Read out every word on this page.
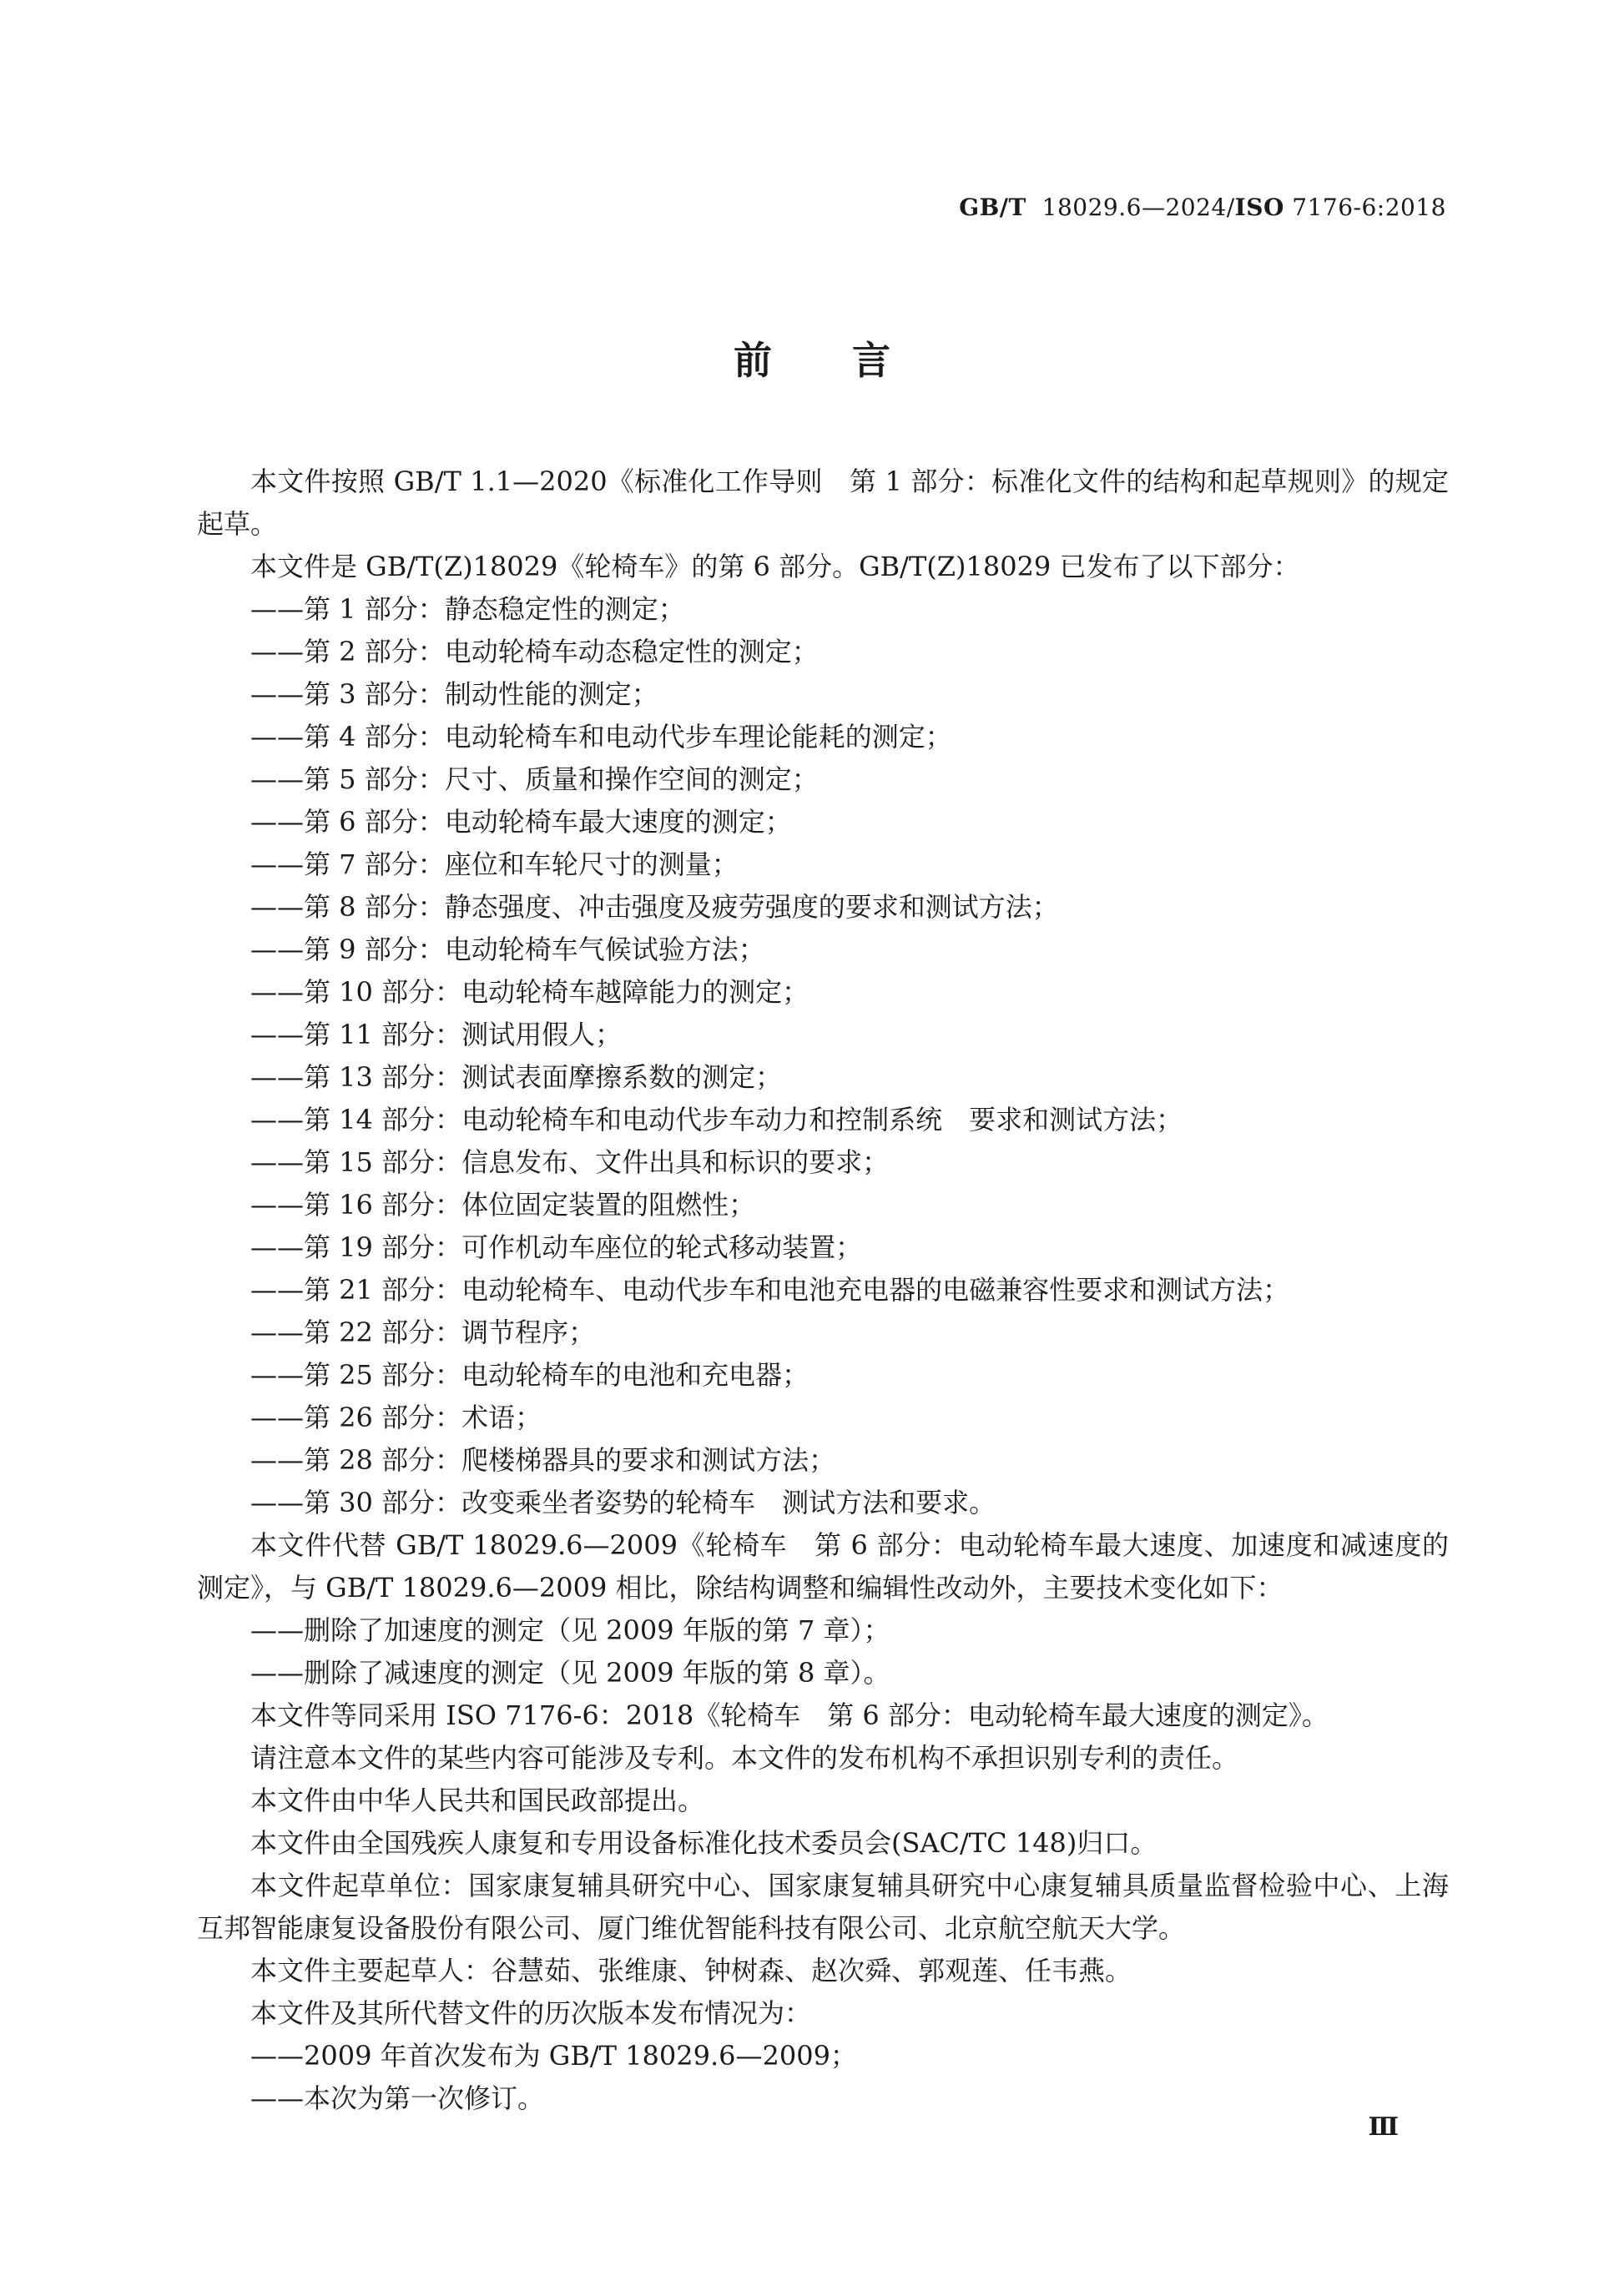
GB/T 18029.6—2024/ISO 7176-6:2018
前言

本文件按照 GB/T 1.1—2020《标准化工作导则　第 1 部分：标准化文件的结构和起草规则》的规定起草。

本文件是 GB/T(Z)18029《轮椅车》的第 6 部分。GB/T(Z)18029 已发布了以下部分：

——第 1 部分：静态稳定性的测定；

——第 2 部分：电动轮椅车动态稳定性的测定；

——第 3 部分：制动性能的测定；

——第 4 部分：电动轮椅车和电动代步车理论能耗的测定；

——第 5 部分：尺寸、质量和操作空间的测定；

——第 6 部分：电动轮椅车最大速度的测定；

——第 7 部分：座位和车轮尺寸的测量；

——第 8 部分：静态强度、冲击强度及疲劳强度的要求和测试方法；

——第 9 部分：电动轮椅车气候试验方法；

——第 10 部分：电动轮椅车越障能力的测定；

——第 11 部分：测试用假人；

——第 13 部分：测试表面摩擦系数的测定；

——第 14 部分：电动轮椅车和电动代步车动力和控制系统　要求和测试方法；

——第 15 部分：信息发布、文件出具和标识的要求；

——第 16 部分：体位固定装置的阻燃性；

——第 19 部分：可作机动车座位的轮式移动装置；

——第 21 部分：电动轮椅车、电动代步车和电池充电器的电磁兼容性要求和测试方法；

——第 22 部分：调节程序；

——第 25 部分：电动轮椅车的电池和充电器；

——第 26 部分：术语；

——第 28 部分：爬楼梯器具的要求和测试方法；

——第 30 部分：改变乘坐者姿势的轮椅车　测试方法和要求。

本文件代替 GB/T 18029.6—2009《轮椅车　第 6 部分：电动轮椅车最大速度、加速度和减速度的测定》，与 GB/T 18029.6—2009 相比，除结构调整和编辑性改动外，主要技术变化如下：

——删除了加速度的测定（见 2009 年版的第 7 章）；

——删除了减速度的测定（见 2009 年版的第 8 章）。

本文件等同采用 ISO 7176-6：2018《轮椅车　第 6 部分：电动轮椅车最大速度的测定》。

请注意本文件的某些内容可能涉及专利。本文件的发布机构不承担识别专利的责任。

本文件由中华人民共和国民政部提出。

本文件由全国残疾人康复和专用设备标准化技术委员会(SAC/TC 148)归口。

本文件起草单位：国家康复辅具研究中心、国家康复辅具研究中心康复辅具质量监督检验中心、上海互邦智能康复设备股份有限公司、厦门维优智能科技有限公司、北京航空航天大学。

本文件主要起草人：谷慧茹、张维康、钟树森、赵次舜、郭观莲、任韦燕。

本文件及其所代替文件的历次版本发布情况为：

——2009 年首次发布为 GB/T 18029.6—2009；

——本次为第一次修订。

Ⅲ
